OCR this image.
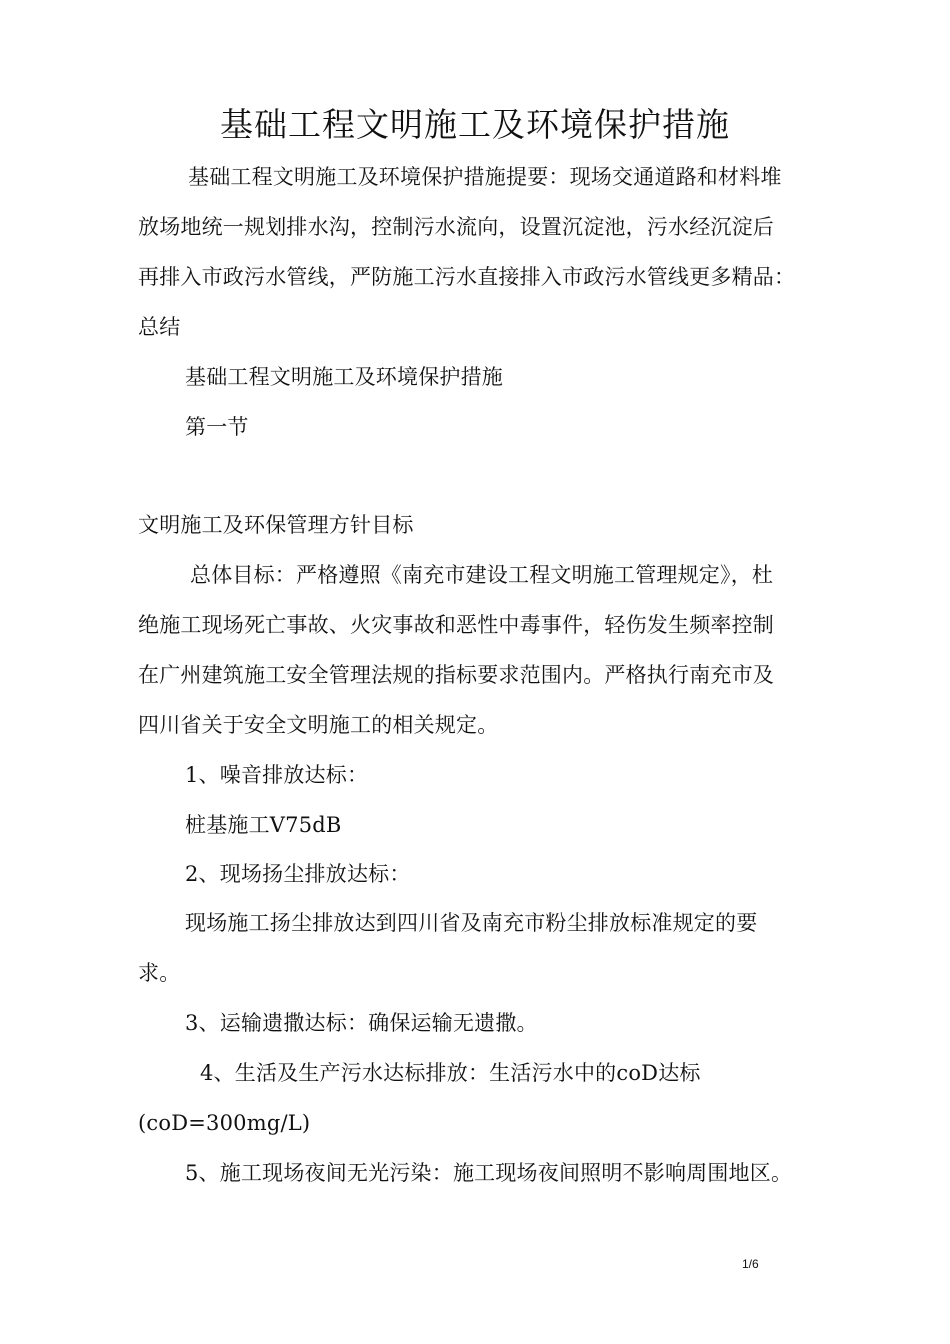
基础工程文明施工及环境保护措施
基础工程文明施工及环境保护措施提要：现场交通道路和材料堆
放场地统一规划排水沟，控制污水流向，设置沉淀池，污水经沉淀后
再排入市政污水管线，严防施工污水直接排入市政污水管线更多精品：
总结
基础工程文明施工及环境保护措施
第一节
文明施工及环保管理方针目标
总体目标：严格遵照《南充市建设工程文明施工管理规定》，杜
绝施工现场死亡事故、火灾事故和恶性中毒事件，轻伤发生频率控制
在广州建筑施工安全管理法规的指标要求范围内。严格执行南充市及
四川省关于安全文明施工的相关规定。
1、噪音排放达标：
桩基施工V75dB
2、现场扬尘排放达标：
现场施工扬尘排放达到四川省及南充市粉尘排放标准规定的要
求。
3、运输遗撒达标：确保运输无遗撒。
4、生活及生产污水达标排放：生活污水中的coD达标
(coD=300mg/L)
5、施工现场夜间无光污染：施工现场夜间照明不影响周围地区。
1/6
